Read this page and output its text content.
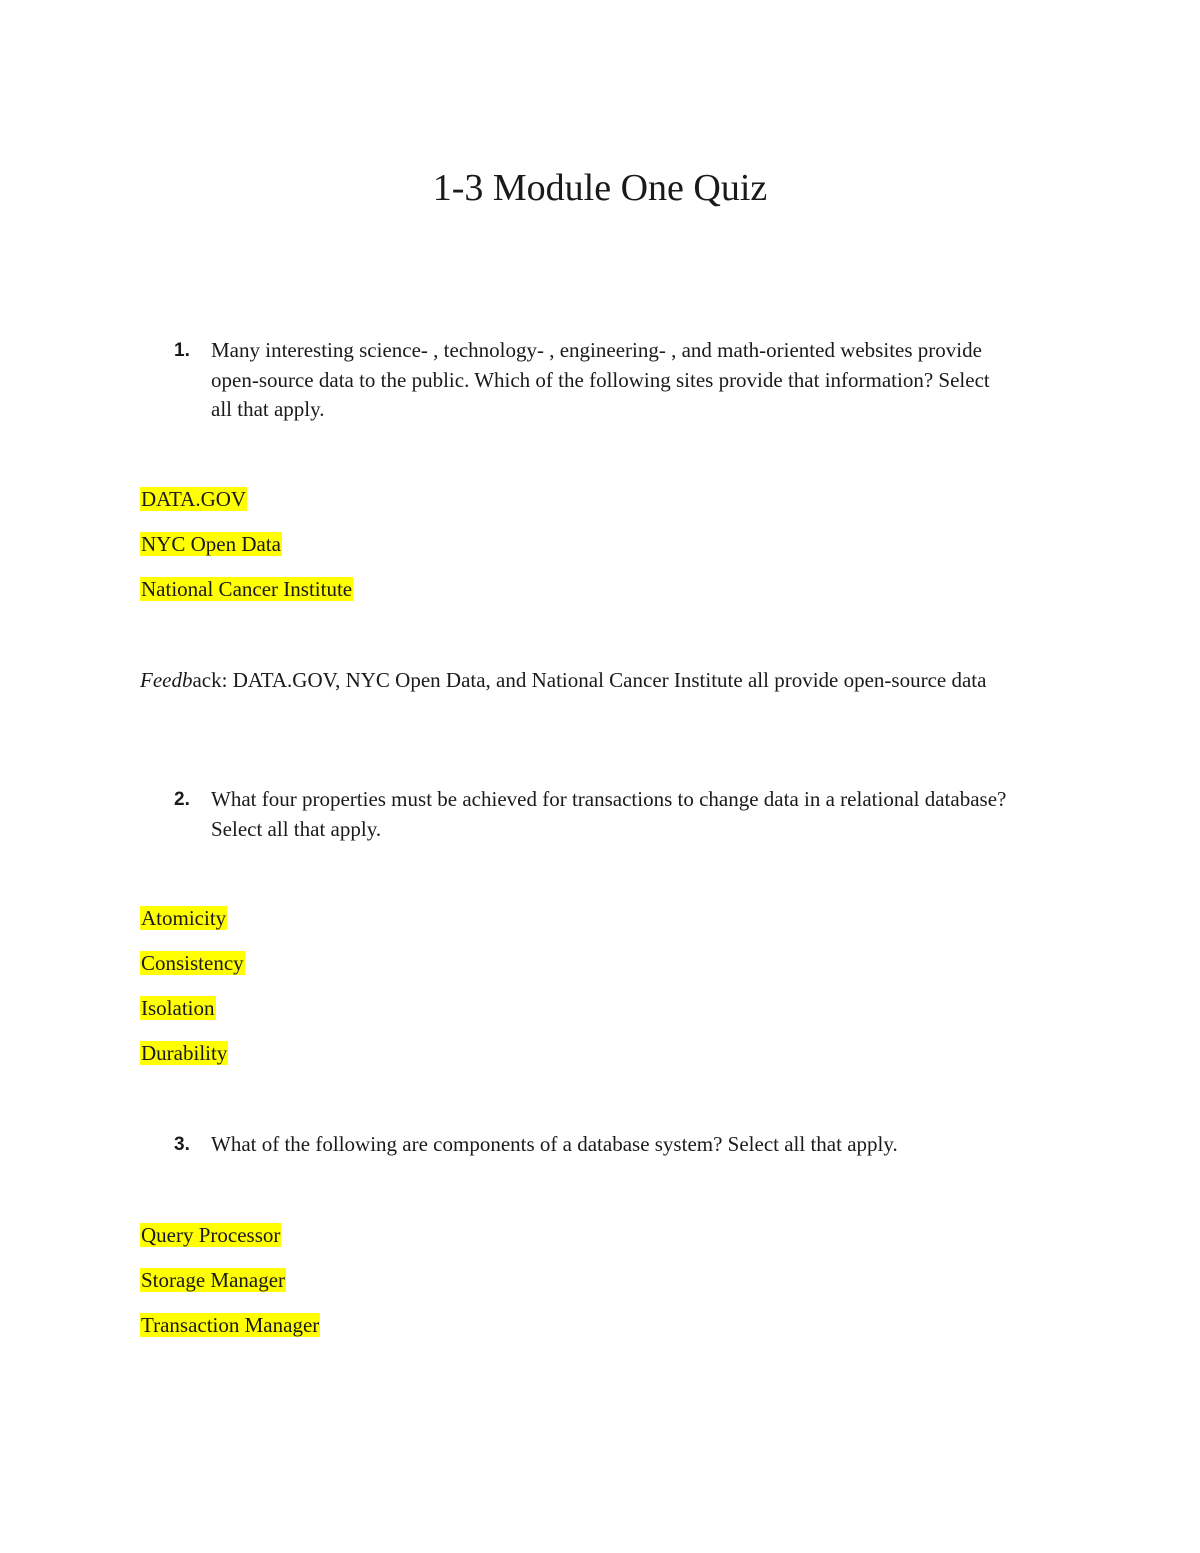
1-3 Module One Quiz
1. Many interesting science- , technology- , engineering- , and math-oriented websites provide open-source data to the public. Which of the following sites provide that information? Select all that apply.
DATA.GOV
NYC Open Data
National Cancer Institute
Feedback: DATA.GOV, NYC Open Data, and National Cancer Institute all provide open-source data
2. What four properties must be achieved for transactions to change data in a relational database? Select all that apply.
Atomicity
Consistency
Isolation
Durability
3. What of the following are components of a database system? Select all that apply.
Query Processor
Storage Manager
Transaction Manager
